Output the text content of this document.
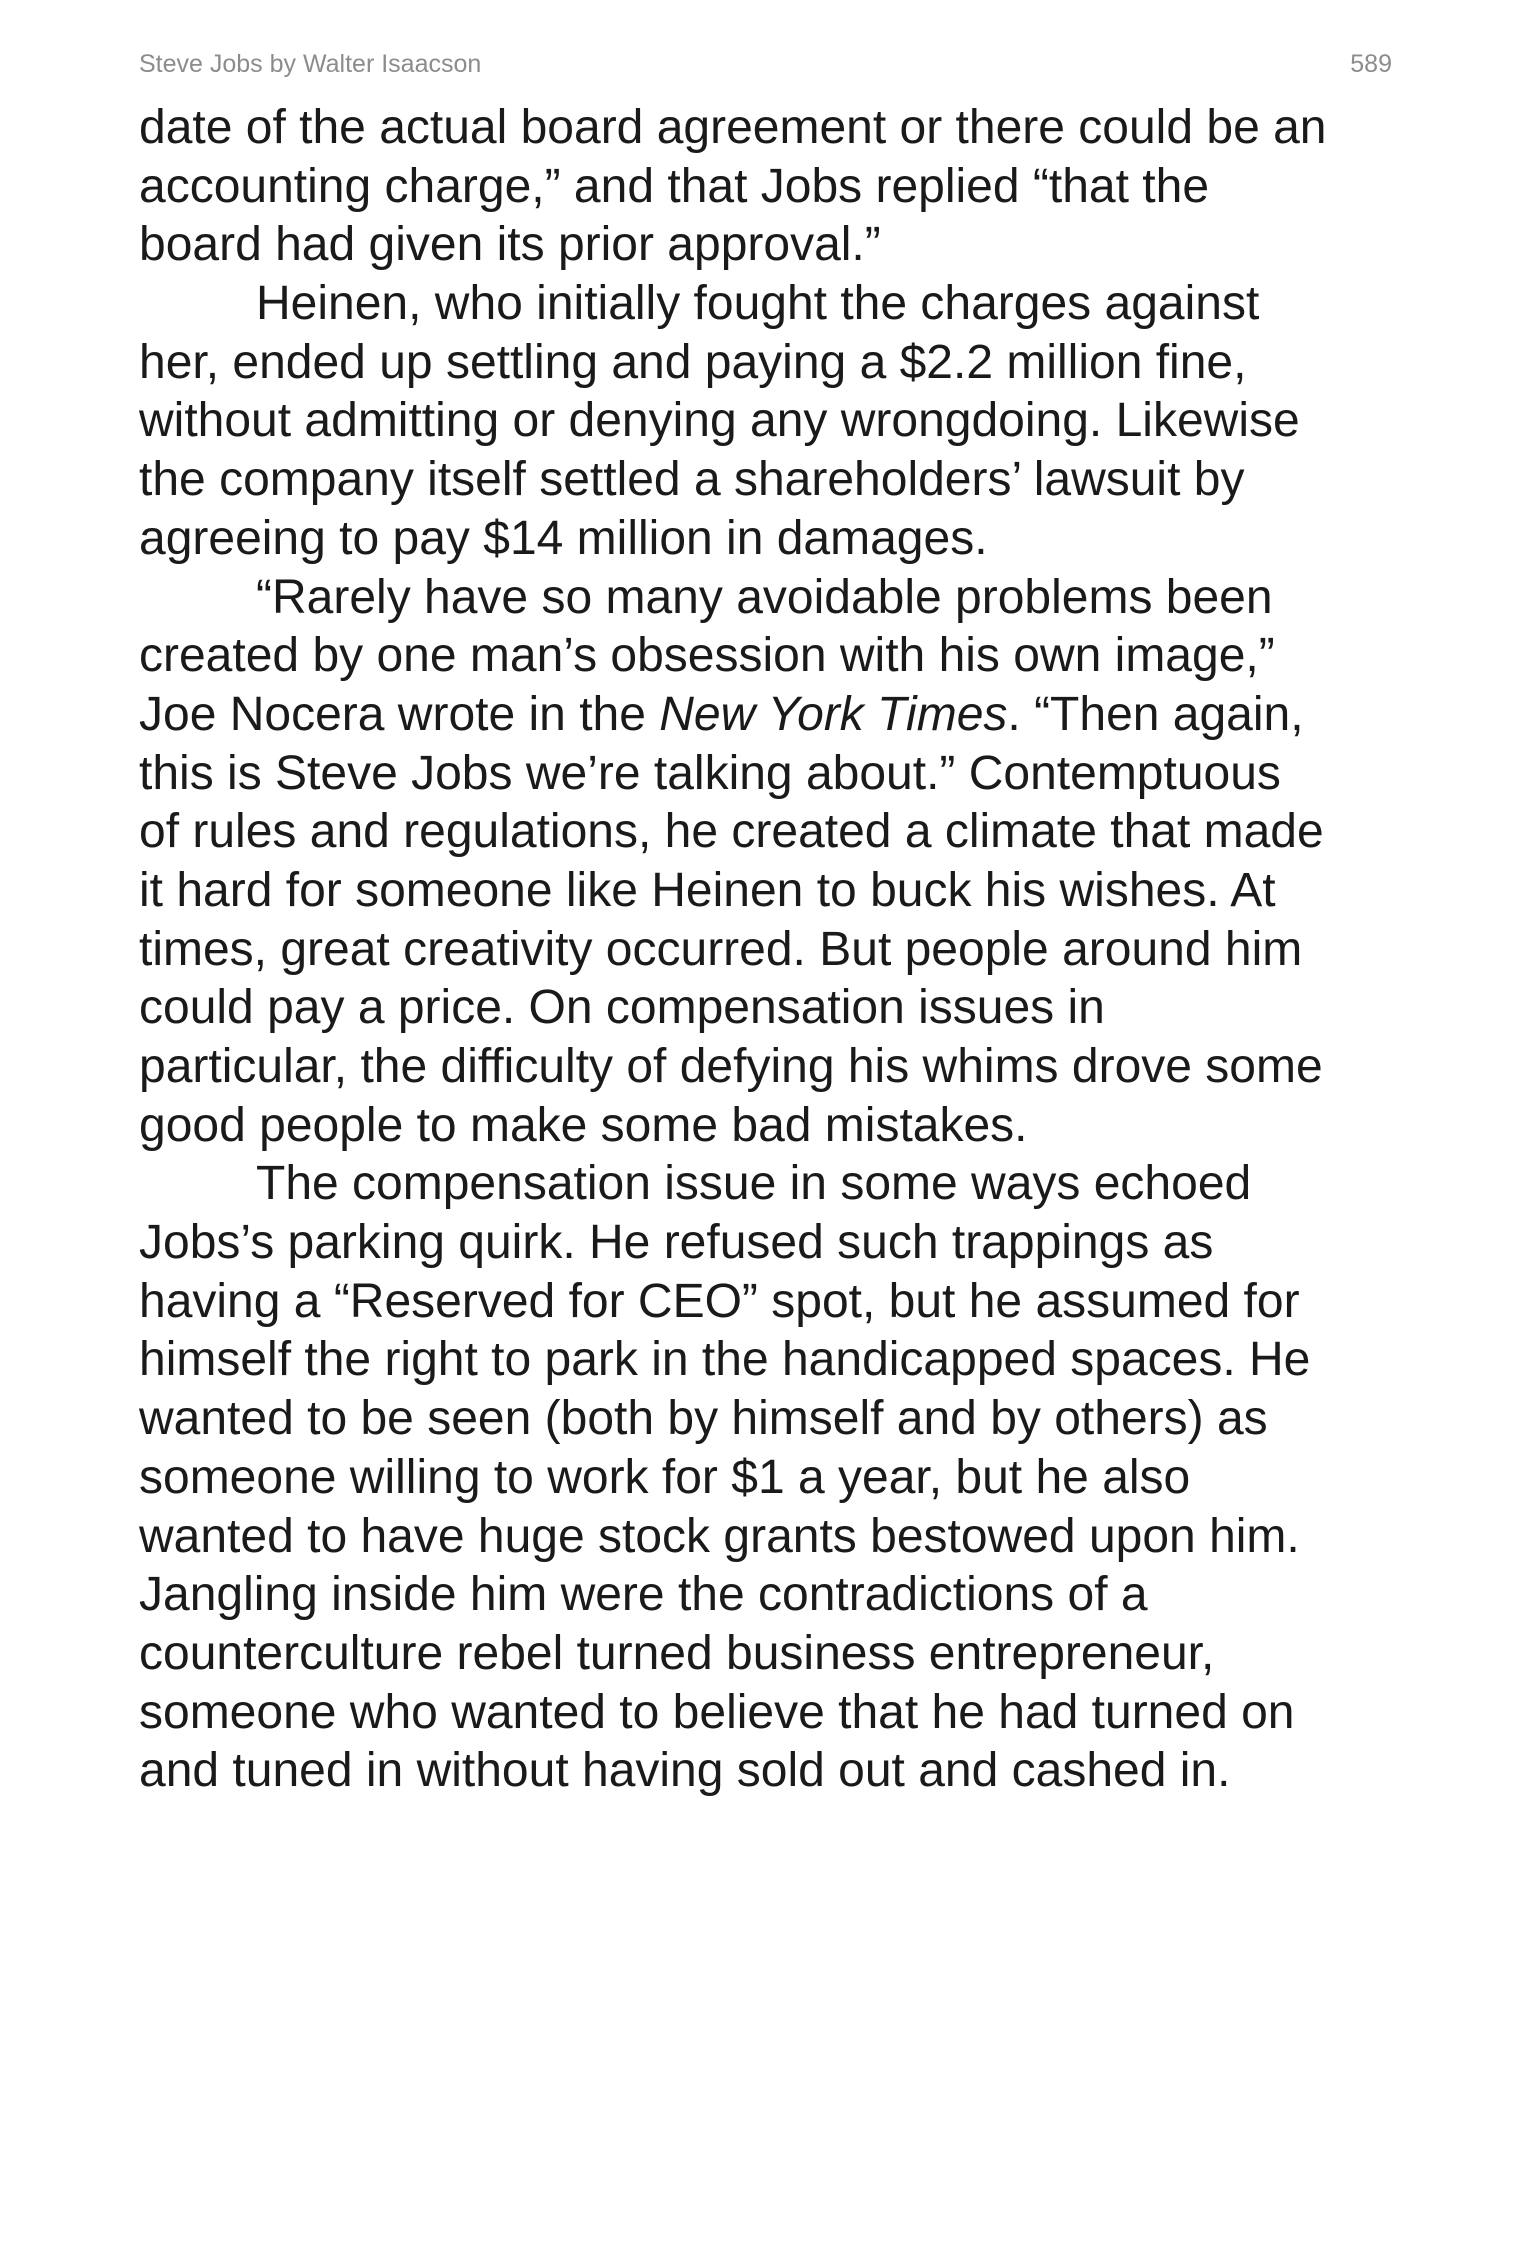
Steve Jobs by Walter Isaacson	589
date of the actual board agreement or there could be an
accounting charge,” and that Jobs replied “that the
board had given its prior approval.”
Heinen, who initially fought the charges against
her, ended up settling and paying a $2.2 million fine,
without admitting or denying any wrongdoing. Likewise
the company itself settled a shareholders’ lawsuit by
agreeing to pay $14 million in damages.
“Rarely have so many avoidable problems been
created by one man’s obsession with his own image,”
Joe Nocera wrote in the New York Times. “Then again,
this is Steve Jobs we’re talking about.” Contemptuous
of rules and regulations, he created a climate that made
it hard for someone like Heinen to buck his wishes. At
times, great creativity occurred. But people around him
could pay a price. On compensation issues in
particular, the difficulty of defying his whims drove some
good people to make some bad mistakes.
The compensation issue in some ways echoed
Jobs’s parking quirk. He refused such trappings as
having a “Reserved for CEO” spot, but he assumed for
himself the right to park in the handicapped spaces. He
wanted to be seen (both by himself and by others) as
someone willing to work for $1 a year, but he also
wanted to have huge stock grants bestowed upon him.
Jangling inside him were the contradictions of a
counterculture rebel turned business entrepreneur,
someone who wanted to believe that he had turned on
and tuned in without having sold out and cashed in.
